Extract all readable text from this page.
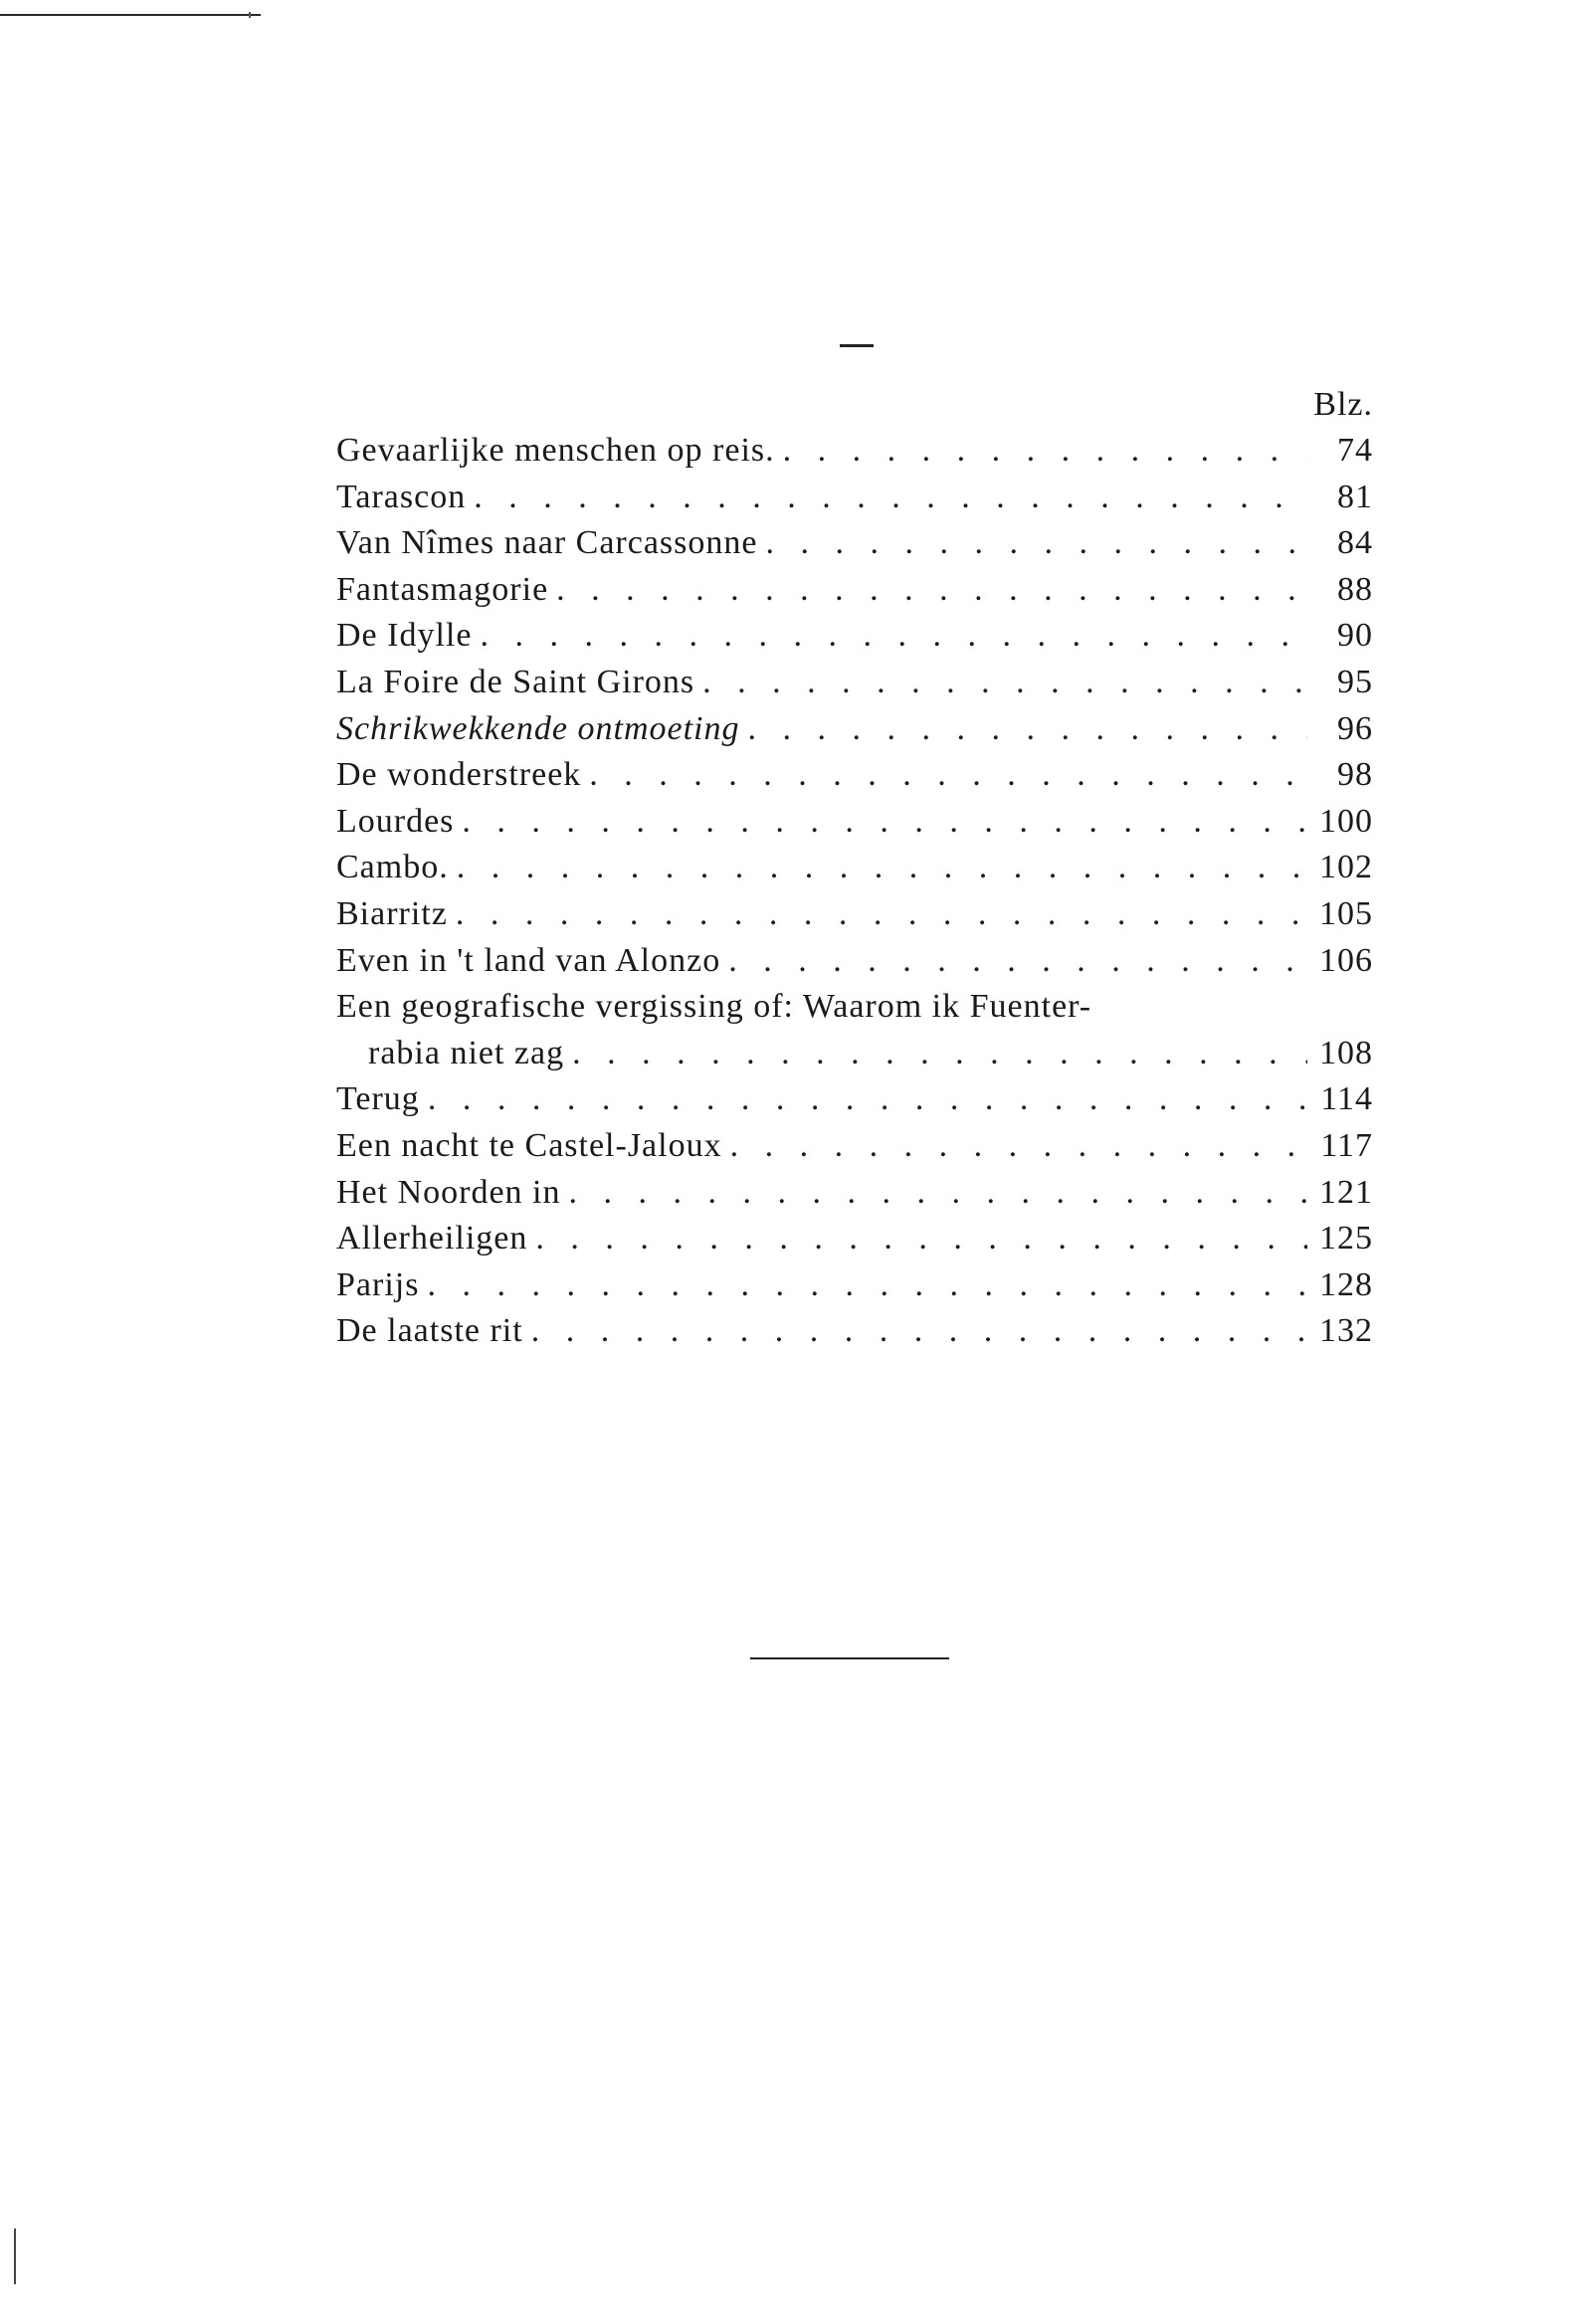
Blz.
Gevaarlijke menschen op reis. . . .	74
Tarascon . . .	81
Van Nîmes naar Carcassonne . . .	84
Fantasmagorie . . .	88
De Idylle . . .	90
La Foire de Saint Girons . . .	95
Schrikwekkende ontmoeting . . .	96
De wonderstreek . . .	98
Lourdes . . .	100
Cambo. . . .	102
Biarritz . . .	105
Even in 't land van Alonzo . . .	106
Een geografische vergissing of: Waarom ik Fuenter-
rabia niet zag . . .	108
Terug . . .	114
Een nacht te Castel-Jaloux . . .	117
Het Noorden in . . .	121
Allerheiligen . . .	125
Parijs . . .	128
De laatste rit . . .	132
